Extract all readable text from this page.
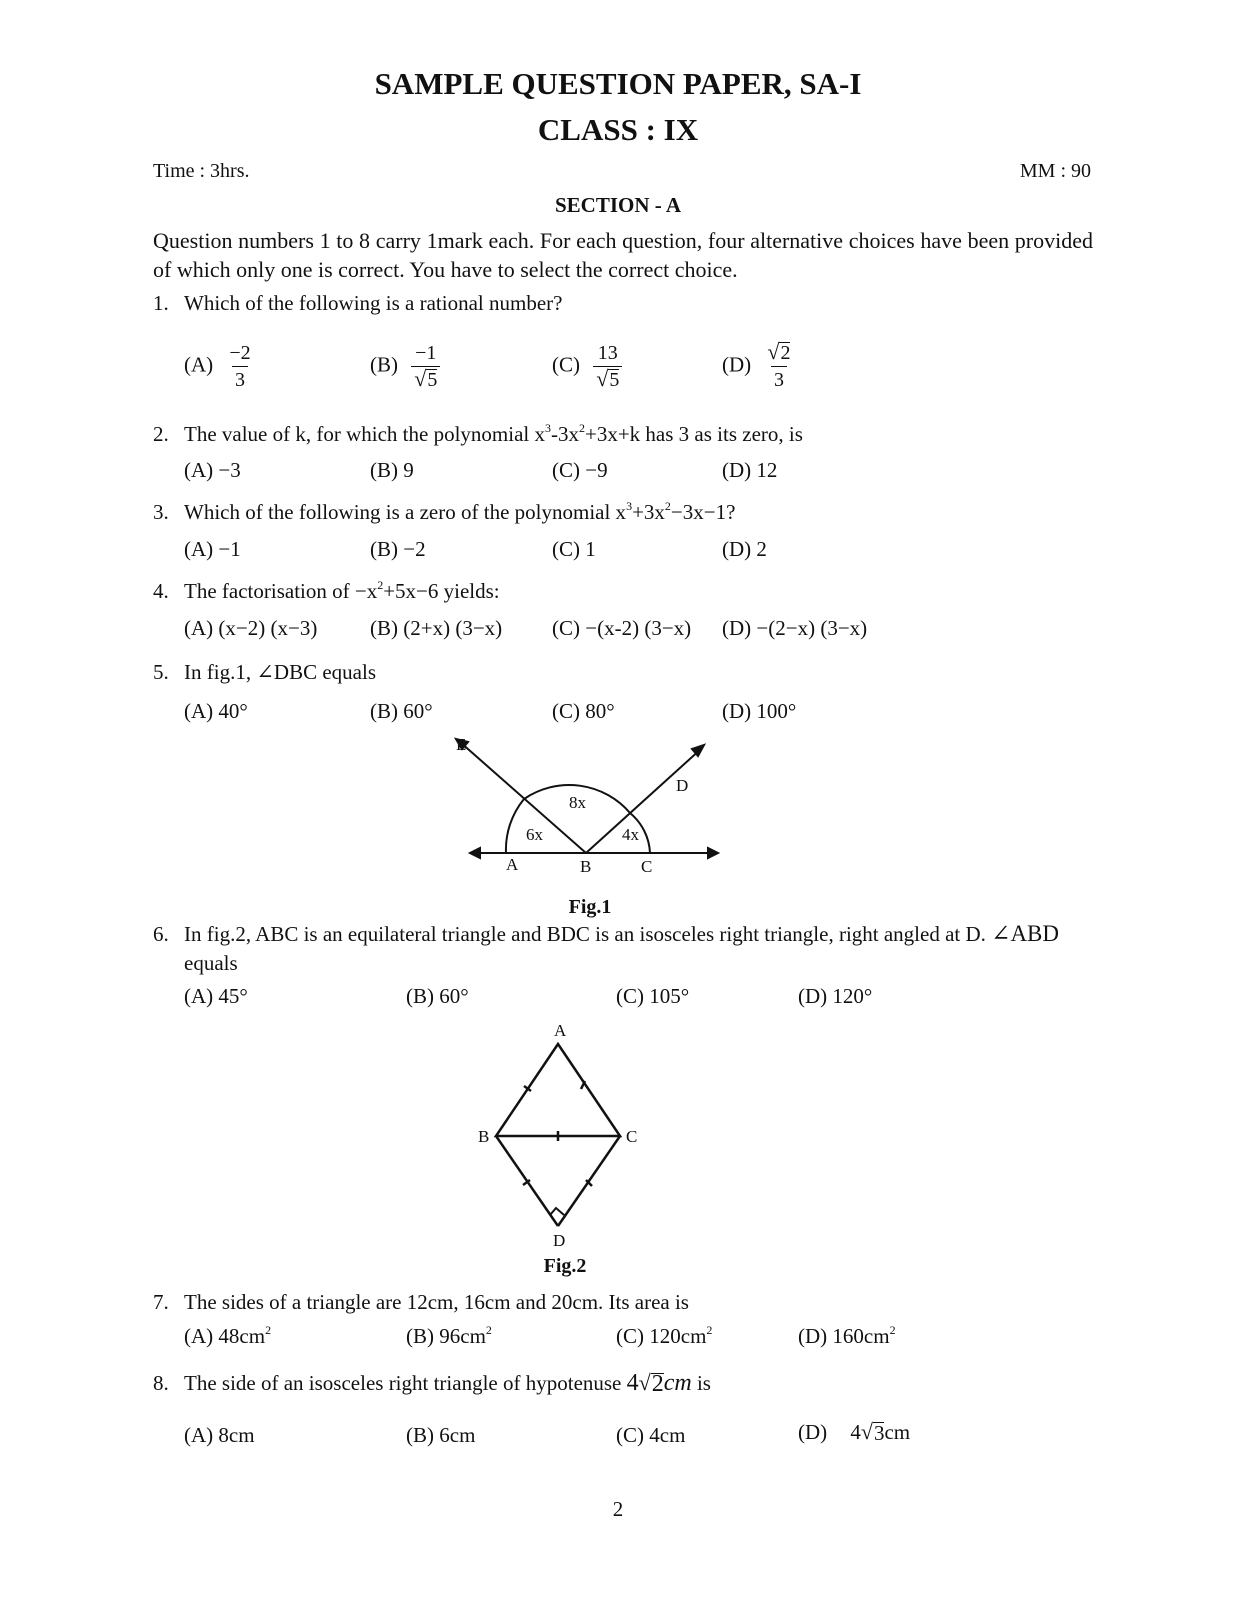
SAMPLE QUESTION PAPER, SA-I
CLASS : IX
Time : 3hrs.	MM : 90
SECTION - A
Question numbers 1 to 8 carry 1mark each. For each question, four alternative choices have been provided of which only one is correct. You have to select the correct choice.
1. Which of the following is a rational number?
$(A) \frac{-2}{3}$	$(B) \frac{-1}{√ 5}$	$(C) \frac{13}{√ 5}$	$(D) \frac{√ 2}{3}$
2. The value of k, for which the polynomial $x^3-3x^2+3x+k$ has 3 as its zero, is
(A) −3	(B) 9	(C) −9	(D) 12
3. Which of the following is a zero of the polynomial $x^3+3x^2-3x-1$?
(A) −1	(B) −2	(C) 1	(D) 2
4. The factorisation of $-x^2+5x-6$ yields:
(A) (x−2) (x−3)	(B) (2+x) (3−x) (C) −(x-2) (3−x) (D) −(2−x) (3−x)
5. In fig.1, ∠DBC equals
(A) 40°	(B) 60°	(C) 80°	(D) 100°
E
D
A	B	C
6x
8x
4x
Fig.1
6. In fig.2, ABC is an equilateral triangle and BDC is an isosceles right triangle, right angled at D. ∠ABD
equals
(A) 45°	(B) 60°	(C) 105°	(D) 120°
A
B	C
D
Fig.2
7. The sides of a triangle are 12cm, 16cm and 20cm. Its area is
(A) $48cm^2$	(B) $96cm^2$	(C) $120cm^2$	(D) $160cm^2$
8. The side of an isosceles right triangle of hypotenuse 4 √ 2 cm is
(A) 8cm	(B) 6cm	(C) 4cm	(D) 4 √ 3 cm
2
